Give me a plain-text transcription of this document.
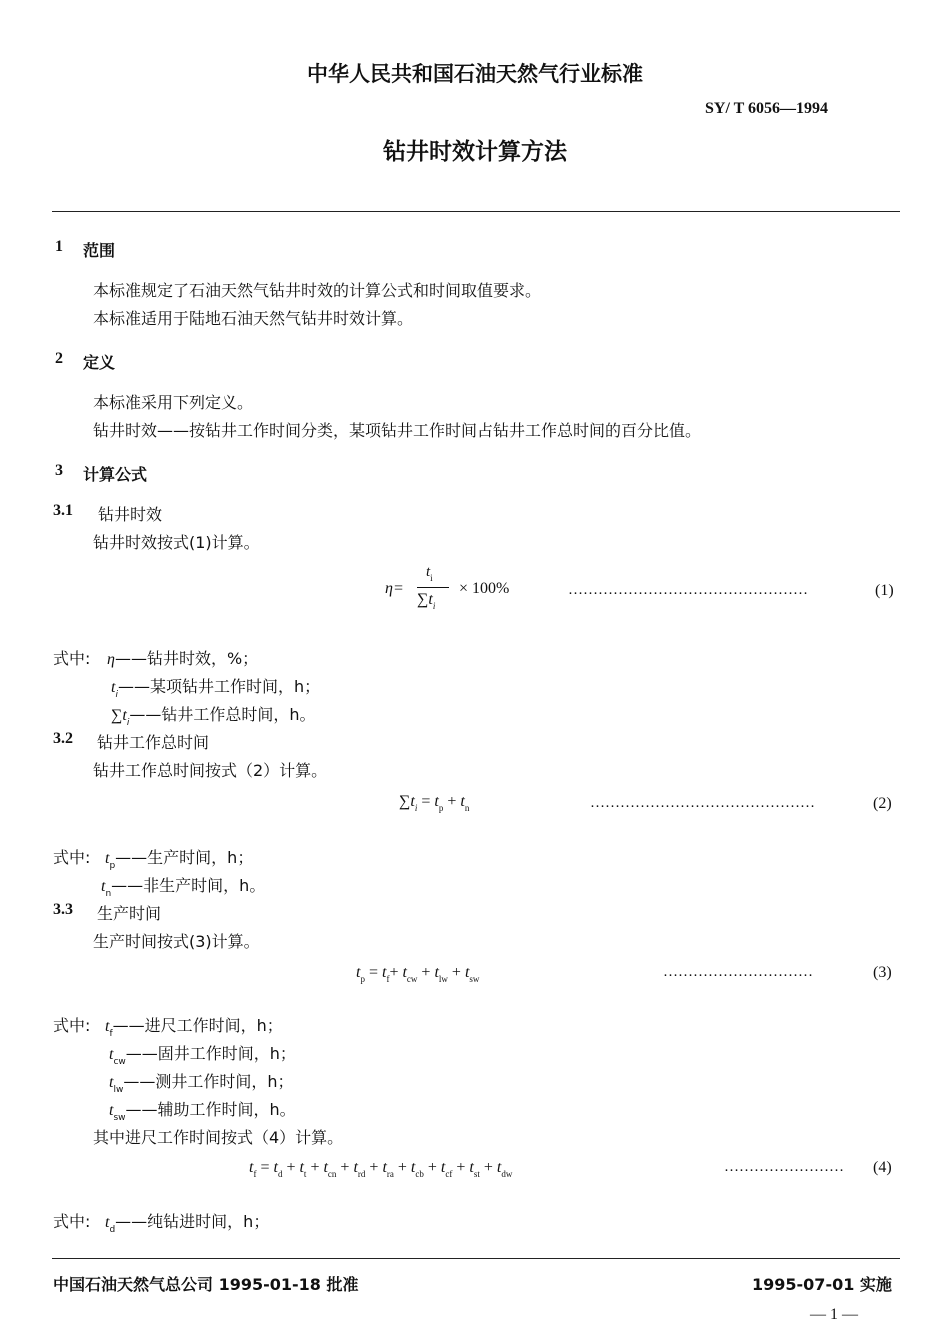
中华人民共和国石油天然气行业标准
SY/ T 6056—1994
钻井时效计算方法
1 范围
本标准规定了石油天然气钻井时效的计算公式和时间取值要求。
本标准适用于陆地石油天然气钻井时效计算。
2 定义
本标准采用下列定义。
钻井时效——按钻井工作时间分类，某项钻井工作时间占钻井工作总时间的百分比值。
3 计算公式
3.1 钻井时效
钻井时效按式(1)计算。
η=
$t_i$
$\sum t_i$
× 100%	…………………………………………	(1)
式中: η——钻井时效，%；
$t_i——$某项钻井工作时间，h；
$\sum t_i——$钻井工作总时间，h。
3.2 钻井工作总时间
钻井工作总时间按式（2）计算。
$\sum t_i = t_p + t_n$	………………………………………	(2)
式中: $t_p——$生产时间，h；
$t_n——$非生产时间，h。
3.3 生产时间
生产时间按式(3)计算。
$t_p = t_f+ t_{cw} + t_{lw} + t_{sw}$	…………………………	(3)
式中: $t_f——$进尺工作时间，h；
$t_{cw}——$固井工作时间，h；
$t_{lw}——$测井工作时间，h；
$t_{sw}——$辅助工作时间，h。
其中进尺工作时间按式（4）计算。
$t_f = t_d + t_t + t_{cn} + t_{rd} + t_{ra} + t_{cb} + t_{cf} + t_{st} + t_{dw}$	…………………… (4)
式中: $t_d——$纯钻进时间，h；
中国石油天然气总公司 1995-01-18 批准	1995-07-01 实施
— 1 —
